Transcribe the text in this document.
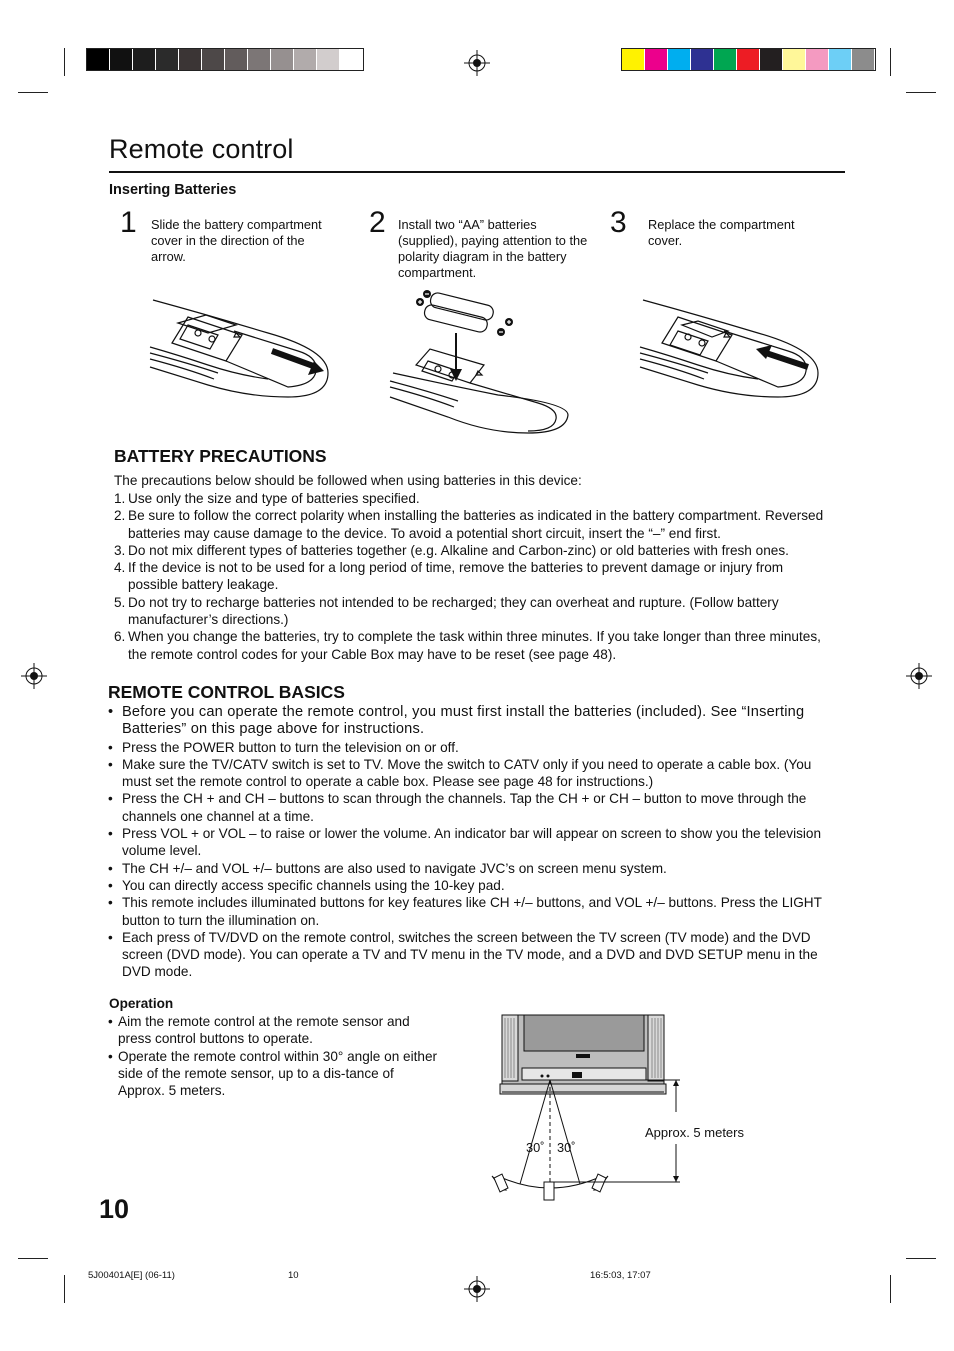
Remote control
Inserting Batteries
1 Slide the battery compartment cover in the direction of the arrow.
2 Install two “AA” batteries (supplied), paying attention to the polarity diagram in the battery compartment.
3 Replace the compartment cover.
BATTERY PRECAUTIONS
The precautions below should be followed when using batteries in this device:
1. Use only the size and type of batteries specified.
2. Be sure to follow the correct polarity when installing the batteries as indicated in the battery compartment. Reversed batteries may cause damage to the device. To avoid a potential short circuit, insert the “–” end first.
3. Do not mix different types of batteries together (e.g. Alkaline and Carbon-zinc) or old batteries with fresh ones.
4. If the device is not to be used for a long period of time, remove the batteries to prevent damage or injury from possible battery leakage.
5. Do not try to recharge batteries not intended to be recharged; they can overheat and rupture. (Follow battery manufacturer’s directions.)
6. When you change the batteries, try to complete the task within three minutes. If you take longer than three minutes, the remote control codes for your Cable Box may have to be reset (see page 48).
REMOTE CONTROL BASICS
• Before you can operate the remote control, you must first install the batteries (included). See “Inserting Batteries” on this page above for instructions.
• Press the POWER button to turn the television on or off.
• Make sure the TV/CATV switch is set to TV. Move the switch to CATV only if you need to operate a cable box. (You must set the remote control to operate a cable box. Please see page 48 for instructions.)
• Press the CH + and CH – buttons to scan through the channels. Tap the CH + or CH – button to move through the channels one channel at a time.
• Press VOL + or VOL – to raise or lower the volume. An indicator bar will appear on screen to show you the television volume level.
• The CH +/– and VOL +/– buttons are also used to navigate JVC’s on screen menu system.
• You can directly access specific channels using the 10-key pad.
• This remote includes illuminated buttons for key features like CH +/– buttons, and VOL +/– buttons. Press the LIGHT button to turn the illumination on.
• Each press of TV/DVD on the remote control, switches the screen between the TV screen (TV mode) and the DVD screen (DVD mode). You can operate a TV and TV menu in the TV mode, and a DVD and DVD SETUP menu in the DVD mode.
Operation
• Aim the remote control at the remote sensor and press control buttons to operate.
• Operate the remote control within 30° angle on either side of the remote sensor, up to a dis-tance of Approx. 5 meters.
30˚ 30˚
Approx. 5 meters
10
5J00401A[E] (06-11)	10	16:5:03, 17:07
